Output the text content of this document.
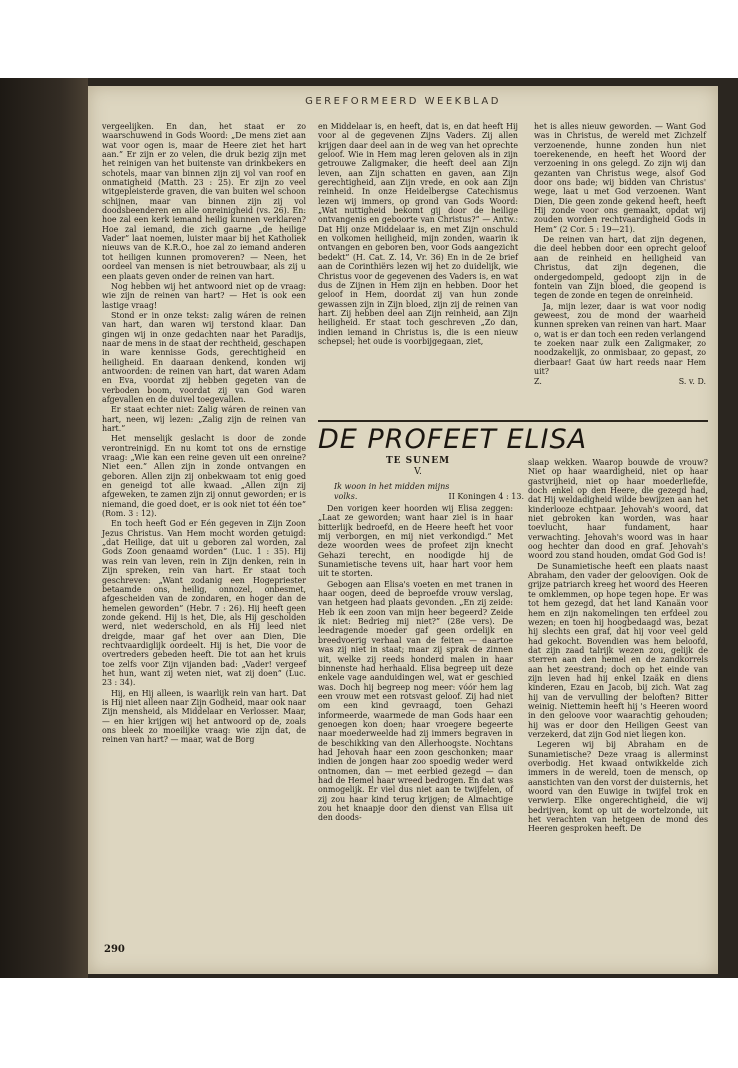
GEREFORMEERD WEEKBLAD

vergeelijken. En dan, het staat er zo waarschuwend in Gods Woord: „De mens ziet aan wat voor ogen is, maar de Heere ziet het hart aan.” Er zijn er zo velen, die druk bezig zijn met het reinigen van het buitenste van drinkbekers en schotels, maar van binnen zijn zij vol van roof en onmatigheid (Matth. 23 : 25). Er zijn zo veel witgepleisterde graven, die van buiten wel schoon schijnen, maar van binnen zijn zij vol doodsbeenderen en alle onreinigheid (vs. 26). En: hoe zal een kerk iemand heilig kunnen verklaren? Hoe zal iemand, die zich gaarne „de heilige Vader” laat noemen, luister maar bij het Katholiek nieuws van de K.R.O., hoe zal zo iemand anderen tot heiligen kunnen promoveren? — Neen, het oordeel van mensen is niet betrouwbaar, als zij u een plaats geven onder de reinen van hart.

Nog hebben wij het antwoord niet op de vraag: wie zijn de reinen van hart? — Het is ook een lastige vraag!

Stond er in onze tekst: zalig wáren de reinen van hart, dan waren wij terstond klaar. Dan gingen wij in onze gedachten naar het Paradijs, naar de mens in de staat der rechtheid, geschapen in ware kennisse Gods, gerechtigheid en heiligheid. En daaraan denkend, konden wij antwoorden: de reinen van hart, dat waren Adam en Eva, voordat zij hebben gegeten van de verboden boom, voordat zij van God waren afgevallen en de duivel toegevallen.

Er staat echter niet: Zalig wáren de reinen van hart, neen, wij lezen: „Zalig zijn de reinen van hart.”

Het menselijk geslacht is door de zonde verontreinigd. En nu komt tot ons de ernstige vraag: „Wie kan een reine geven uit een onreine? Niet een.” Allen zijn in zonde ontvangen en geboren. Allen zijn zij onbekwaam tot enig goed en geneigd tot alle kwaad. „Allen zijn zij afgeweken, te zamen zijn zij onnut geworden; er is niemand, die goed doet, er is ook niet tot één toe” (Rom. 3 : 12).

En toch heeft God er Eén gegeven in Zijn Zoon Jezus Christus. Van Hem mocht worden getuigd: „dat Heilige, dat uit u geboren zal worden, zal Gods Zoon genaamd worden” (Luc. 1 : 35). Hij was rein van leven, rein in Zijn denken, rein in Zijn spreken, rein van hart. Er staat toch geschreven: „Want zodanig een Hogepriester betaamde ons, heilig, onnozel, onbesmet, afgescheiden van de zondaren, en hoger dan de hemelen geworden” (Hebr. 7 : 26). Hij heeft geen zonde gekend. Hij is het, Die, als Hij gescholden werd, niet wederschold, en als Hij leed niet dreigde, maar gaf het over aan Dien, Die rechtvaardiglijk oordeelt. Hij is het, Die voor de overtreders gebeden heeft. Die tot aan het kruis toe zelfs voor Zijn vijanden bad: „Vader! vergeef het hun, want zij weten niet, wat zij doen” (Luc. 23 : 34).

Hij, en Hij alleen, is waarlijk rein van hart. Dat is Hij niet alleen naar Zijn Godheid, maar ook naar Zijn mensheid, als Middelaar en Verlosser. Maar, — en hier krijgen wij het antwoord op de, zoals ons bleek zo moeilijke vraag: wie zijn dat, de reinen van hart? — maar, wat de Borg

en Middelaar is, en heeft, dat is, en dat heeft Hij voor al de gegevenen Zijns Vaders. Zij allen krijgen daar deel aan in de weg van het oprechte geloof. Wie in Hem mag leren geloven als in zijn getrouwe Zaligmaker, die heeft deel aan Zijn leven, aan Zijn schatten en gaven, aan Zijn gerechtigheid, aan Zijn vrede, en ook aan Zijn reinheid. In onze Heidelbergse Catechismus lezen wij immers, op grond van Gods Woord: „Wat nuttigheid bekomt gij door de heilige ontvangenis en geboorte van Christus?” — Antw.: Dat Hij onze Middelaar is, en met Zijn onschuld en volkomen heiligheid, mijn zonden, waarin ik ontvangen en geboren ben, voor Gods aangezicht bedekt” (H. Cat. Z. 14, Vr. 36) En in de 2e brief aan de Corinthiërs lezen wij het zo duidelijk, wie Christus voor de gegevenen des Vaders is, en wat dus de Zijnen in Hem zijn en hebben. Door het geloof in Hem, doordat zij van hun zonde gewassen zijn in Zijn bloed, zijn zij de reinen van hart. Zij hebben deel aan Zijn reinheid, aan Zijn heiligheid. Er staat toch geschreven „Zo dan, indien iemand in Christus is, die is een nieuw schepsel; het oude is voorbijgegaan, ziet,

het is alles nieuw geworden. — Want God was in Christus, de wereld met Zichzelf verzoenende, hunne zonden hun niet toerekenende, en heeft het Woord der verzoening in ons gelegd. Zo zijn wij dan gezanten van Christus wege, alsof God door ons bade; wij bidden van Christus' wege, laat u met God verzoenen. Want Dien, Die geen zonde gekend heeft, heeft Hij zonde voor ons gemaakt, opdat wij zouden worden rechtvaardigheid Gods in Hem” (2 Cor. 5 : 19—21).

De reinen van hart, dat zijn degenen, die deel hebben door een oprecht geloof aan de reinheid en heiligheid van Christus, dat zijn degenen, die ondergedompeld, gedoopt zijn in de fontein van Zijn bloed, die geopend is tegen de zonde en tegen de onreinheid.

Ja, mijn lezer, daar is wat voor nodig geweest, zou de mond der waarheid kunnen spreken van reinen van hart. Maar o, wat is er dan toch een reden verlangend te zoeken naar zulk een Zaligmaker, zo noodzakelijk, zo onmisbaar, zo gepast, zo dierbaar! Gaat úw hart reeds naar Hem uit?

Z.	S. v. D.
DE PROFEET ELISA
TE SUNEM
V.
Ik woon in het midden mijns
volks.	II Koningen 4 : 13.

Den vorigen keer hoorden wij Elisa zeggen: „Laat ze geworden; want haar ziel is in haar bitterlijk bedroefd, en de Heere heeft het voor mij verborgen, en mij niet verkondigd.” Met deze woorden wees de profeet zijn knecht Gehazi terecht, en noodigde hij de Sunamietische tevens uit, haar hart voor hem uit te storten.

Gebogen aan Elisa's voeten en met tranen in haar oogen, deed de beproefde vrouw verslag, van hetgeen had plaats gevonden. „En zij zeide: Heb ik een zoon van mijn heer begeerd? Zeide ik niet: Bedrieg mij niet?” (28e vers). De leedragende moeder gaf geen ordelijk en breedvoerig verhaal van de feiten — daartoe was zij niet in staat; maar zij sprak de zinnen uit, welke zij reeds honderd malen in haar binnenste had herhaald. Elisa begreep uit deze enkele vage aanduidingen wel, wat er geschied was. Doch hij begreep nog meer: vóór hem lag een vrouw met een rotsvast geloof. Zij had niet om een kind gevraagd, toen Gehazi informeerde, waarmede de man Gods haar een genoegen kon doen; haar vroegere begeerte naar moederweelde had zij immers begraven in de beschikking van den Allerhoogste. Nochtans had Jehovah haar een zoon geschonken; maar indien de jongen haar zoo spoedig weder werd ontnomen, dan — met eerbied gezegd — dan had de Hemel haar wreed bedrogen. En dat was onmogelijk. Er viel dus niet aan te twijfelen, of zij zou haar kind terug krijgen; de Almachtige zou het knaapje door den dienst van Elisa uit den doods-

slaap wekken. Waarop bouwde de vrouw? Niet op haar waardigheid, niet op haar gastvrijheid, niet op haar moederliefde, doch enkel op den Heere, die gezegd had, dat Hij weldadigheid wilde bewijzen aan het kinderlooze echtpaar. Jehovah's woord, dat niet gebroken kan worden, was haar toevlucht, haar fundament, haar verwachting. Jehovah's woord was in haar oog hechter dan dood en graf. Jehovah's woord zou stand houden, omdat God God is!

De Sunamietische heeft een plaats naast Abraham, den vader der geloovigen. Ook de grijze patriarch kreeg het woord des Heeren te omklemmen, op hope tegen hope. Er was tot hem gezegd, dat het land Kanaän voor hem en zijn nakomelingen ten erfdeel zou wezen; en toen hij hoogbedaagd was, bezat hij slechts een graf, dat hij voor veel geld had gekocht. Bovendien was hem beloofd, dat zijn zaad talrijk wezen zou, gelijk de sterren aan den hemel en de zandkorrels aan het zeestrand; doch op het einde van zijn leven had hij enkel Izaäk en diens kinderen, Ezau en Jacob, bij zich. Wat zag hij van de vervulling der beloften? Bitter weinig. Niettemin heeft hij 's Heeren woord in den geloove voor waarachtig gehouden; hij was er door den Heiligen Geest van verzekerd, dat zijn God niet liegen kon.

Legeren wij bij Abraham en de Sunamietische? Deze vraag is allerminst overbodig. Het kwaad ontwikkelde zich immers in de wereld, toen de mensch, op aanstichten van den vorst der duisternis, het woord van den Euwige in twijfel trok en verwierp. Elke ongerechtigheid, die wij bedrijven, komt op uit de wortelzonde, uit het verachten van hetgeen de mond des Heeren gesproken heeft. De

290
